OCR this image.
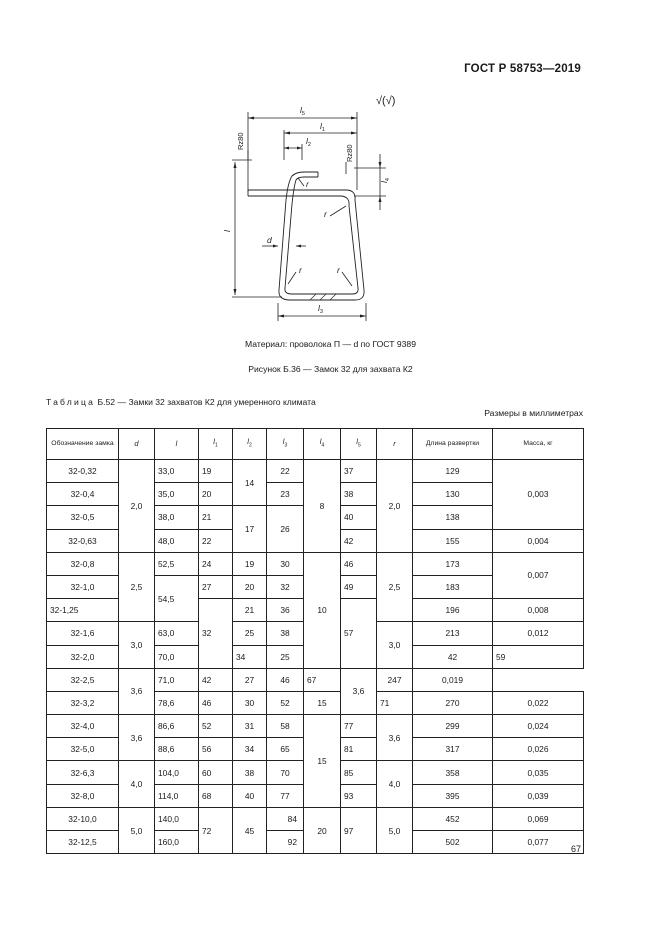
ГОСТ Р 58753—2019
$l_5$
$l_1$
$l_2$
$l_3$
$l_4$
l
Rz80
Rz80
r
r
r	r
d
√(√)
Материал: проволока П — d по ГОСТ 9389
Рисунок Б.36 — Замок 32 для захвата К2
Таблица Б.52 — Замки 32 захватов К2 для умеренного климата
Размеры в миллиметрах
Обозначение замка	d	l	$l_1$	$l_2$	$l_3$	$l_4$	$l_5$	r	Длина развертки	Масса, кг	
32-0,32	2,0	33,0	19	14	22	8	37	2,0	129	0,003	
32-0,4		35,0	20		23		38		130		
32-0,5		38,0	21	17	26		40		138		
32-0,63		48,0	22				42		155	0,004	
32-0,8	2,5	52,5	24	19	30	10	46	2,5	173	0,007	
32-1,0		54,5	27	20	32		49		183		
32-1,25			32	21	36		57		196	0,008	
32-1,6	3,0	63,0		25	38			3,0	213	0,012	
32-2,0		70,0		34	25				42	59		
32-2,5	3,6	71,0	42	27	46	67	3,6	247	0,019		
32-3,2		78,6	46	30	52	15		71	270	0,022	
32-4,0	3,6	86,6	52	31	58	15	77	3,6	299	0,024	
32-5,0		88,6	56	34	65		81		317	0,026	
32-6,3	4,0	104,0	60	38	70		85	4,0	358	0,035	
32-8,0		114,0	68	40	77		93		395	0,039	
32-10,0	5,0	140,0	72	45	84	20	97	5,0	452	0,069	
32-12,5		160,0			92				502	0,077	
67
